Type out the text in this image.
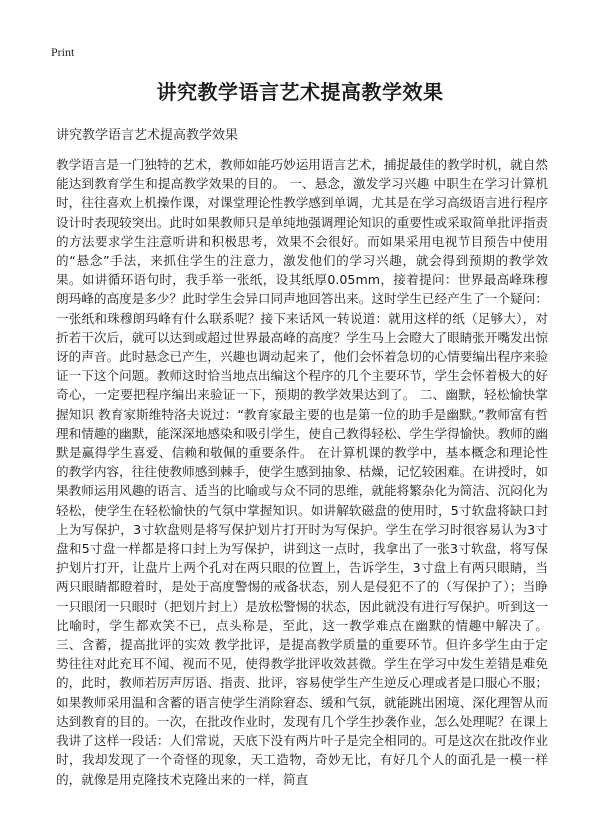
Print
讲究教学语言艺术提高教学效果
讲究教学语言艺术提高教学效果

教学语言是一门独特的艺术，教师如能巧妙运用语言艺术，捕捉最佳的教学时机，就自然能达到教育学生和提高教学效果的目的。 一、悬念，激发学习兴趣 中职生在学习计算机时，往往喜欢上机操作课，对课堂理论性教学感到单调，尤其是在学习高级语言进行程序设计时表现较突出。此时如果教师只是单纯地强调理论知识的重要性或采取简单批评指责的方法要求学生注意听讲和积极思考，效果不会很好。而如果采用电视节目预告中使用的“悬念”手法，来抓住学生的注意力，激发他们的学习兴趣，就会得到预期的教学效果。如讲循环语句时，我手举一张纸，设其纸厚0.05mm，接着提问：世界最高峰珠穆朗玛峰的高度是多少？此时学生会异口同声地回答出来。这时学生已经产生了一个疑问：一张纸和珠穆朗玛峰有什么联系呢？接下来话风一转说道：就用这样的纸（足够大），对折若干次后，就可以达到或超过世界最高峰的高度？学生马上会瞪大了眼睛张开嘴发出惊讶的声音。此时悬念已产生，兴趣也调动起来了，他们会怀着急切的心情要编出程序来验证一下这个问题。教师这时恰当地点出编这个程序的几个主要环节，学生会怀着极大的好奇心，一定要把程序编出来验证一下，预期的教学效果达到了。 二、幽默，轻松愉快掌握知识 教育家斯维特洛夫说过：“教育家最主要的也是第一位的助手是幽默。”教师富有哲理和情趣的幽默，能深深地感染和吸引学生，使自己教得轻松、学生学得愉快。教师的幽默是赢得学生喜爱、信赖和敬佩的重要条件。 在计算机课的教学中，基本概念和理论性的教学内容，往往使教师感到棘手，使学生感到抽象、枯燥，记忆较困难。在讲授时，如果教师运用风趣的语言、适当的比喻或与众不同的思维，就能将繁杂化为简洁、沉闷化为轻松，使学生在轻松愉快的气氛中掌握知识。如讲解软磁盘的使用时，5寸软盘将缺口封上为写保护，3寸软盘则是将写保护划片打开时为写保护。学生在学习时很容易认为3寸盘和5寸盘一样都是将口封上为写保护，讲到这一点时，我拿出了一张3寸软盘，将写保护划片打开，让盘片上两个孔对在两只眼的位置上，告诉学生，3寸盘上有两只眼睛，当两只眼睛都瞪着时，是处于高度警惕的戒备状态，别人是侵犯不了的（写保护了）；当睁一只眼闭一只眼时（把划片封上）是放松警惕的状态，因此就没有进行写保护。听到这一比喻时，学生都欢笑不已，点头称是，至此，这一教学难点在幽默的情趣中解决了。 三、含蓄，提高批评的实效 教学批评，是提高教学质量的重要环节。但许多学生由于定势往往对此充耳不闻、视而不见，使得教学批评收效甚微。学生在学习中发生差错是难免的，此时，教师若厉声厉语、指责、批评，容易使学生产生逆反心理或者是口服心不服；如果教师采用温和含蓄的语言使学生消除窘态、缓和气氛，就能跳出困境、深化理智从而达到教育的目的。一次，在批改作业时，发现有几个学生抄袭作业，怎么处理呢？在课上我讲了这样一段话：人们常说，天底下没有两片叶子是完全相同的。可是这次在批改作业时，我却发现了一个奇怪的现象，天工造物，奇妙无比，有好几个人的面孔是一模一样的，就像是用克隆技术克隆出来的一样，简直
